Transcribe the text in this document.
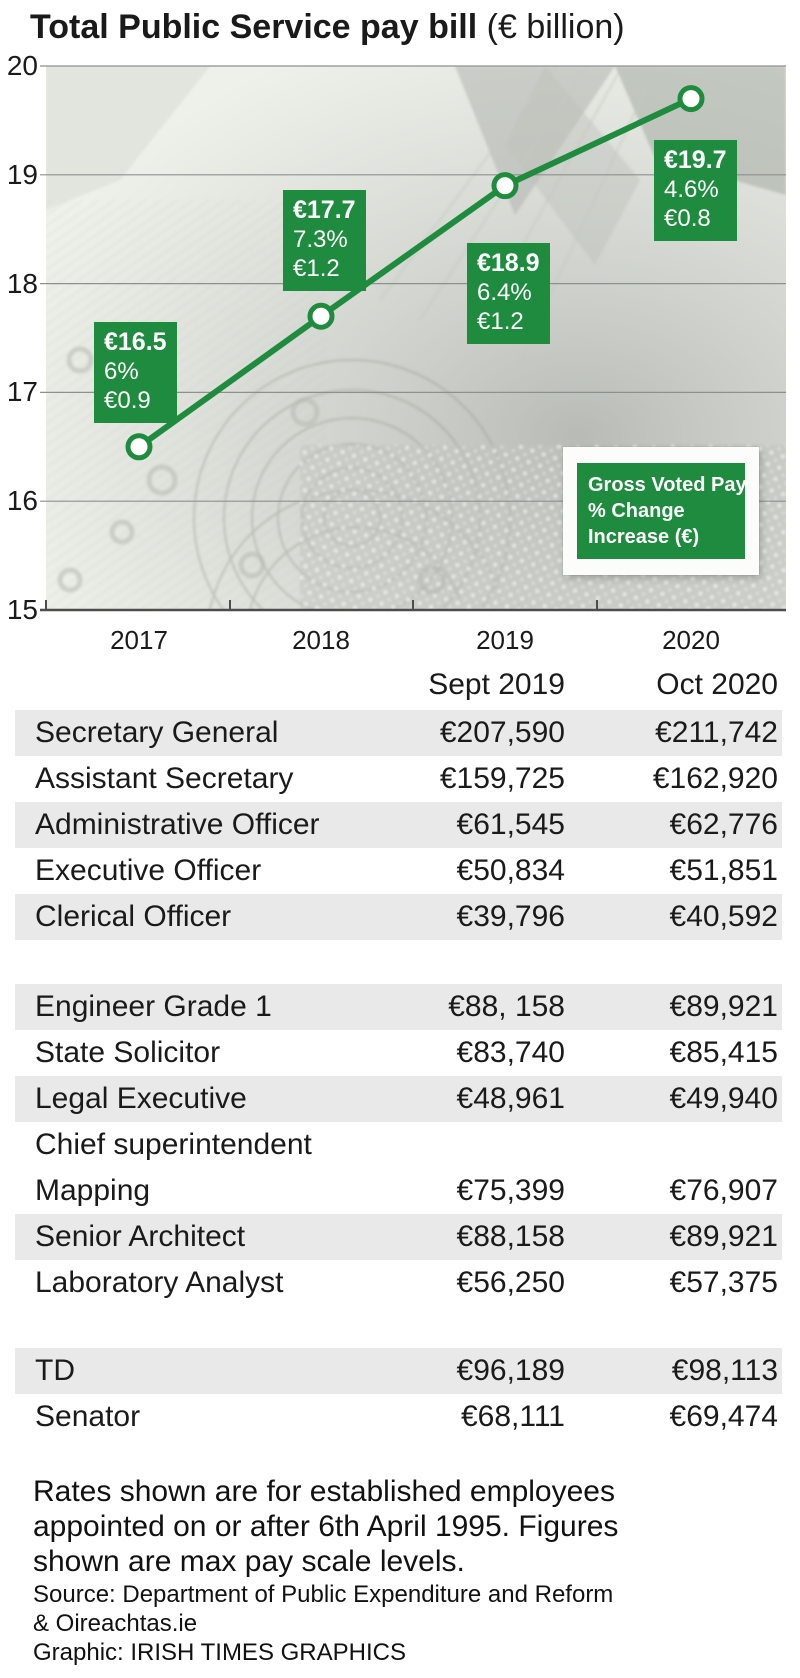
Total Public Service pay bill (€ billion)
20
19
18
17
16
15
€16.5
6%
€0.9
€17.7
7.3%
€1.2	€18.9
6.4%
€1.2
€19.7
4.6%
€0.8
Gross Voted Pay
% Change
Increase (€)
2017	2018	2019	2020
Sept 2019	Oct 2020
Secretary General	€207,590	€211,742
Assistant Secretary	€159,725	€162,920
Administrative Officer	€61,545	€62,776
Executive Officer	€50,834	€51,851
Clerical Officer	€39,796	€40,592
Engineer Grade 1	€88, 158	€89,921
State Solicitor	€83,740	€85,415
Legal Executive	€48,961	€49,940
Chief superintendent
Mapping	€75,399	€76,907
Senior Architect	€88,158	€89,921
Laboratory Analyst	€56,250	€57,375
TD	€96,189	€98,113
Senator	€68,111	€69,474
Rates shown are for established employees
appointed on or after 6th April 1995. Figures
shown are max pay scale levels.
Source: Department of Public Expenditure and Reform
& Oireachtas.ie
Graphic: IRISH TIMES GRAPHICS
